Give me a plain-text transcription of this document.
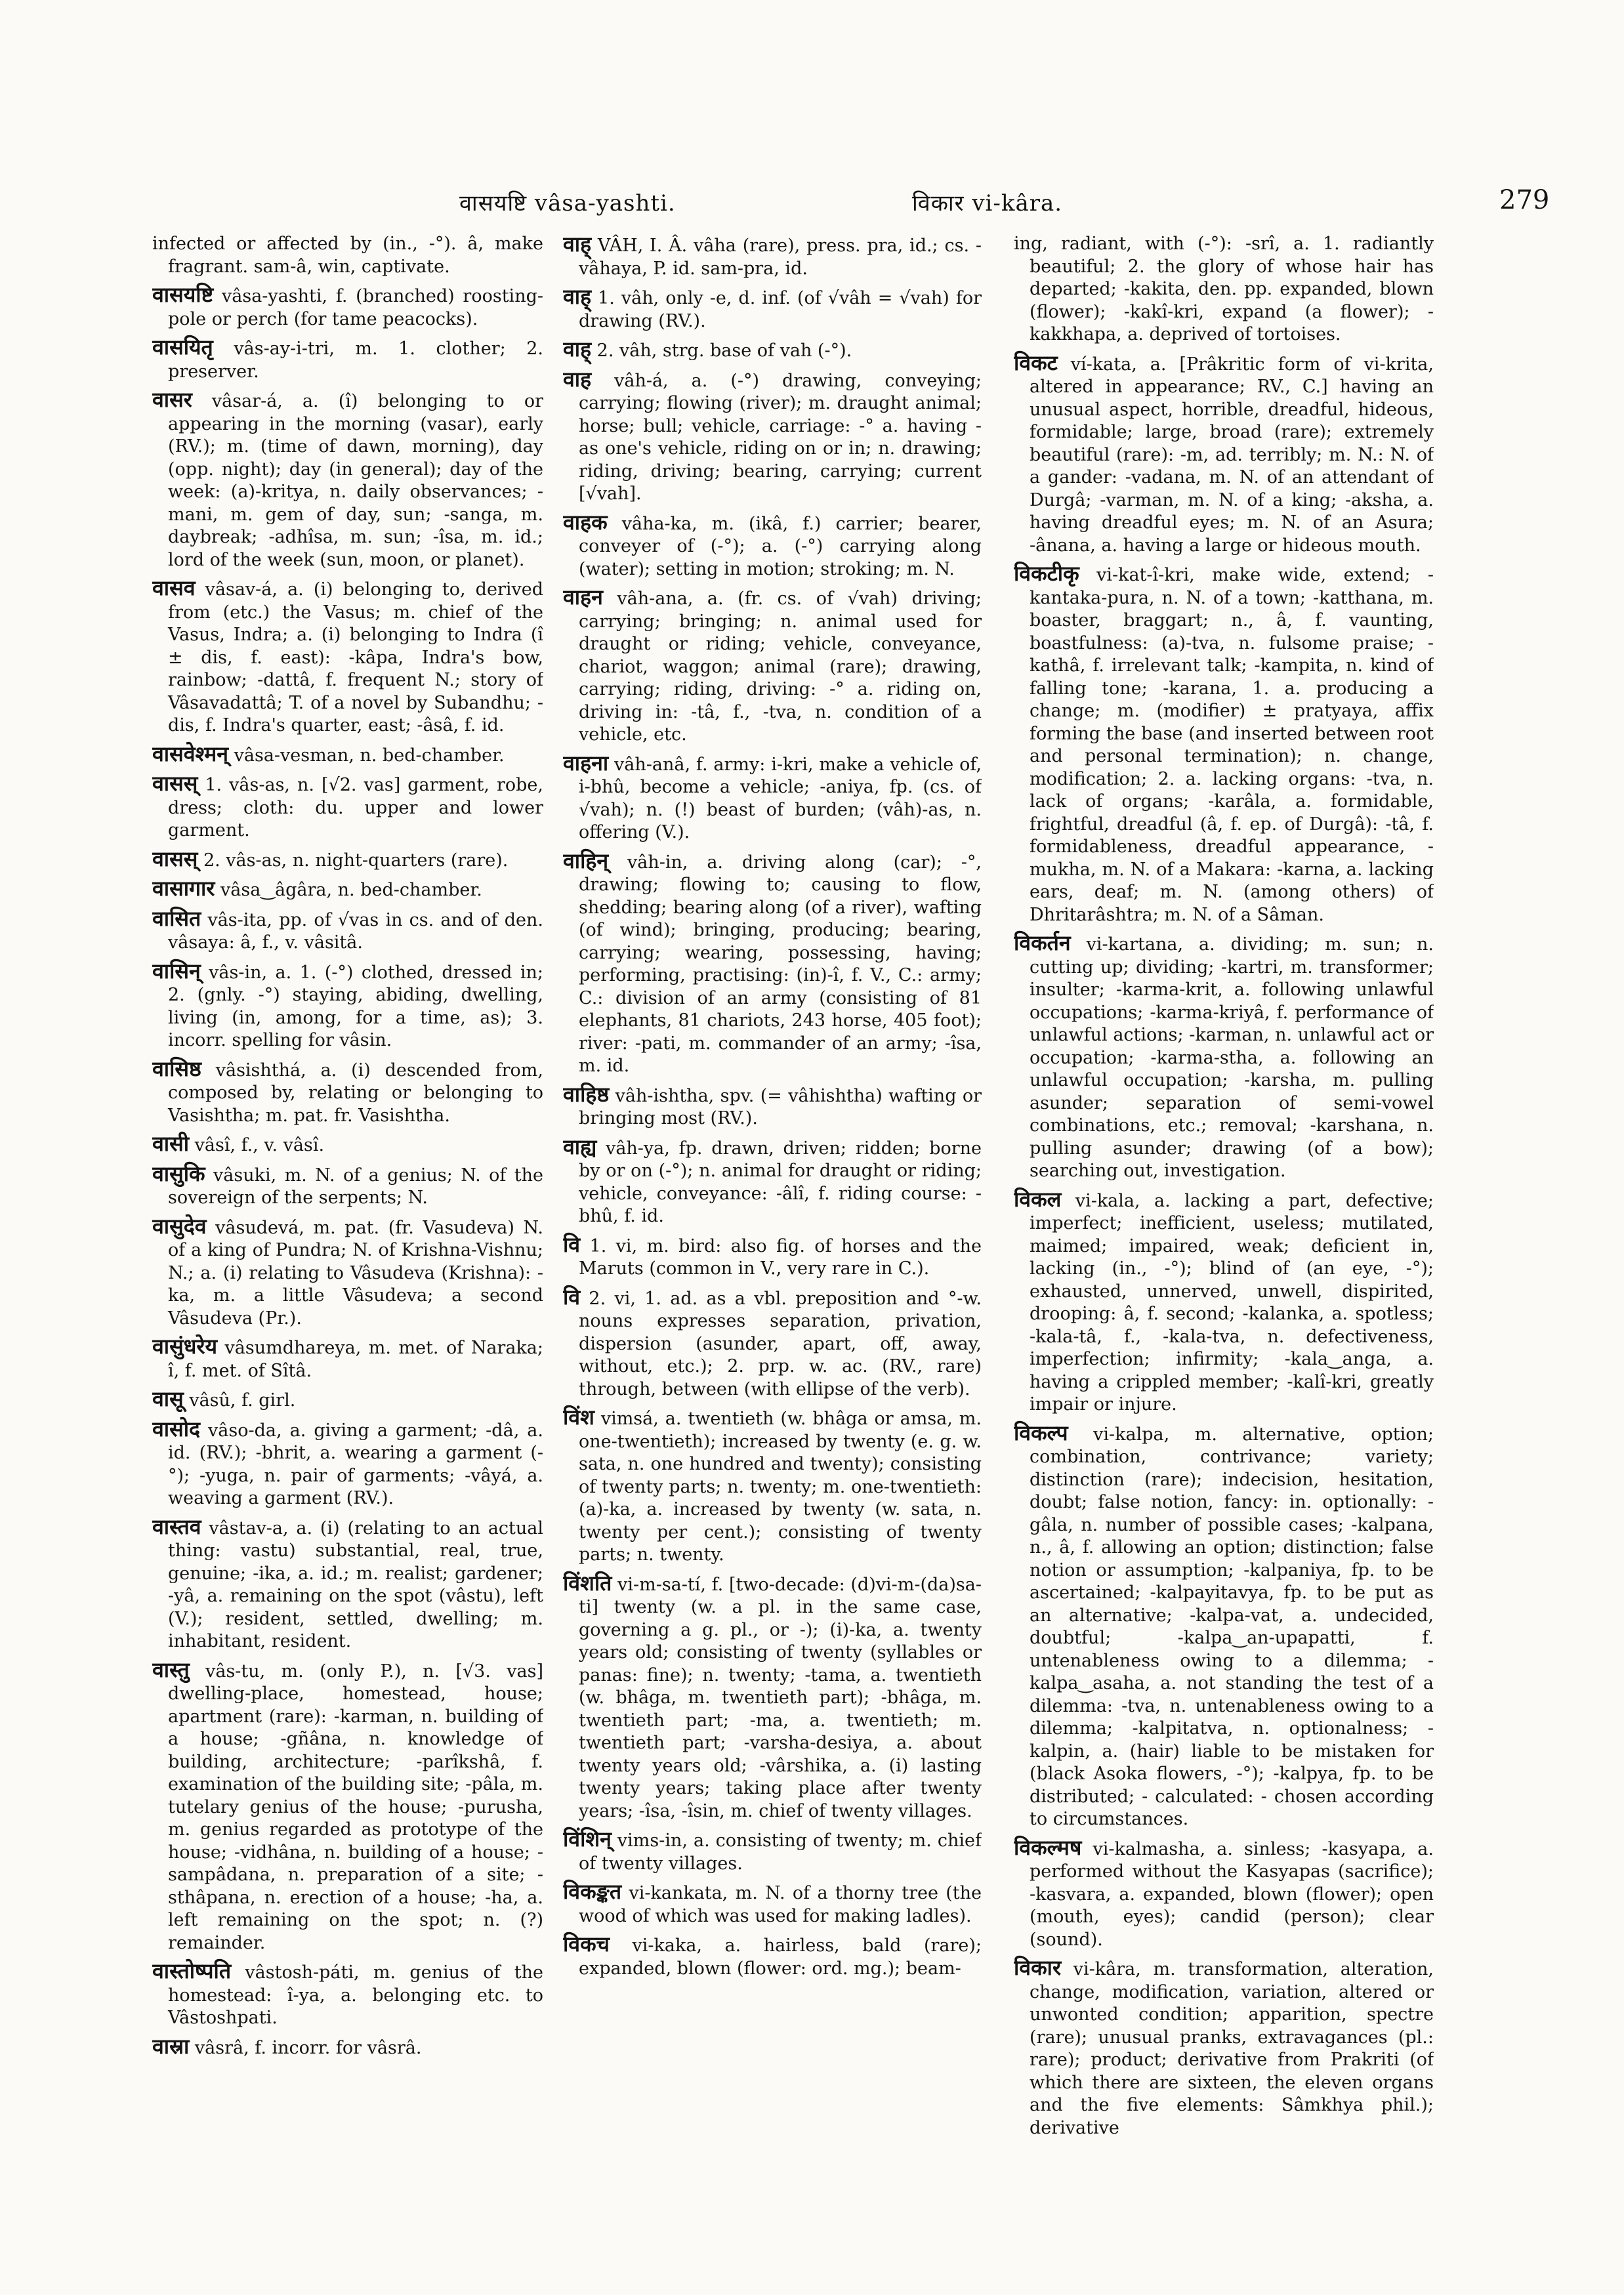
वासयष्टि vâsa-yashti.	विकार vi-kâra.	279
infected or affected by (in., -°). â, make fragrant. sam-â, win, captivate.
वासयष्टि vâsa-yashti, f. (branched) roosting-pole or perch (for tame peacocks).
वासयितृ vâs-ay-i-tri, m. 1. clother; 2. preserver.
वासर vâsar-á, a. (î) belonging to or appearing in the morning (vasar), early (RV.); m. (time of dawn, morning), day (opp. night); day (in general); day of the week: (a)-kritya, n. daily observances; -mani, m. gem of day, sun; -sanga, m. daybreak; -adhîsa, m. sun; -îsa, m. id.; lord of the week (sun, moon, or planet).
वासव vâsav-á, a. (i) belonging to, derived from (etc.) the Vasus; m. chief of the Vasus, Indra; a. (i) belonging to Indra (î ± dis, f. east): -kâpa, Indra's bow, rainbow; -dattâ, f. frequent N.; story of Vâsavadattâ; T. of a novel by Subandhu; -dis, f. Indra's quarter, east; -âsâ, f. id.
वासवेश्मन् vâsa-vesman, n. bed-chamber.
वासस् 1. vâs-as, n. [√2. vas] garment, robe, dress; cloth: du. upper and lower garment.
वासस् 2. vâs-as, n. night-quarters (rare).
वासागार vâsa‿âgâra, n. bed-chamber.
वासित vâs-ita, pp. of √vas in cs. and of den. vâsaya: â, f., v. vâsitâ.
वासिन् vâs-in, a. 1. (-°) clothed, dressed in; 2. (gnly. -°) staying, abiding, dwelling, living (in, among, for a time, as); 3. incorr. spelling for vâsin.
वासिष्ठ vâsishthá, a. (i) descended from, composed by, relating or belonging to Vasishtha; m. pat. fr. Vasishtha.
वासी vâsî, f., v. vâsî.
वासुकि vâsuki, m. N. of a genius; N. of the sovereign of the serpents; N.
वासुदेव vâsudevá, m. pat. (fr. Vasudeva) N. of a king of Pundra; N. of Krishna-Vishnu; N.; a. (i) relating to Vâsudeva (Krishna): -ka, m. a little Vâsudeva; a second Vâsudeva (Pr.).
वासुंधरेय vâsumdhareya, m. met. of Naraka; î, f. met. of Sîtâ.
वासू vâsû, f. girl.
वासोद vâso-da, a. giving a garment; -dâ, a. id. (RV.); -bhrit, a. wearing a garment (-°); -yuga, n. pair of garments; -vâyá, a. weaving a garment (RV.).
वास्तव vâstav-a, a. (i) (relating to an actual thing: vastu) substantial, real, true, genuine; -ika, a. id.; m. realist; gardener; -yâ, a. remaining on the spot (vâstu), left (V.); resident, settled, dwelling; m. inhabitant, resident.
वास्तु vâs-tu, m. (only P.), n. [√3. vas] dwelling-place, homestead, house; apartment (rare): -karman, n. building of a house; -gñâna, n. knowledge of building, architecture; -parîkshâ, f. examination of the building site; -pâla, m. tutelary genius of the house; -purusha, m. genius regarded as prototype of the house; -vidhâna, n. building of a house; -sampâdana, n. preparation of a site; -sthâpana, n. erection of a house; -ha, a. left remaining on the spot; n. (?) remainder.
वास्तोष्पति vâstosh-páti, m. genius of the homestead: î-ya, a. belonging etc. to Vâstoshpati.
वास्रा vâsrâ, f. incorr. for vâsrâ.
वाह् VÂH, I. Â. vâha (rare), press. pra, id.; cs. -vâhaya, P. id. sam-pra, id.
वाह् 1. vâh, only -e, d. inf. (of √vâh = √vah) for drawing (RV.).
वाह् 2. vâh, strg. base of vah (-°).
वाह vâh-á, a. (-°) drawing, conveying; carrying; flowing (river); m. draught animal; horse; bull; vehicle, carriage: -° a. having - as one's vehicle, riding on or in; n. drawing; riding, driving; bearing, carrying; current [√vah].
वाहक vâha-ka, m. (ikâ, f.) carrier; bearer, conveyer of (-°); a. (-°) carrying along (water); setting in motion; stroking; m. N.
वाहन vâh-ana, a. (fr. cs. of √vah) driving; carrying; bringing; n. animal used for draught or riding; vehicle, conveyance, chariot, waggon; animal (rare); drawing, carrying; riding, driving: -° a. riding on, driving in: -tâ, f., -tva, n. condition of a vehicle, etc.
वाहना vâh-anâ, f. army: i-kri, make a vehicle of, i-bhû, become a vehicle; -aniya, fp. (cs. of √vah); n. (!) beast of burden; (vâh)-as, n. offering (V.).
वाहिन् vâh-in, a. driving along (car); -°, drawing; flowing to; causing to flow, shedding; bearing along (of a river), wafting (of wind); bringing, producing; bearing, carrying; wearing, possessing, having; performing, practising: (in)-î, f. V., C.: army; C.: division of an army (consisting of 81 elephants, 81 chariots, 243 horse, 405 foot); river: -pati, m. commander of an army; -îsa, m. id.
वाहिष्ठ vâh-ishtha, spv. (= vâhishtha) wafting or bringing most (RV.).
वाह्य vâh-ya, fp. drawn, driven; ridden; borne by or on (-°); n. animal for draught or riding; vehicle, conveyance: -âlî, f. riding course: -bhû, f. id.
वि 1. vi, m. bird: also fig. of horses and the Maruts (common in V., very rare in C.).
वि 2. vi, 1. ad. as a vbl. preposition and °-w. nouns expresses separation, privation, dispersion (asunder, apart, off, away, without, etc.); 2. prp. w. ac. (RV., rare) through, between (with ellipse of the verb).
विंश vimsá, a. twentieth (w. bhâga or amsa, m. one-twentieth); increased by twenty (e. g. w. sata, n. one hundred and twenty); consisting of twenty parts; n. twenty; m. one-twentieth: (a)-ka, a. increased by twenty (w. sata, n. twenty per cent.); consisting of twenty parts; n. twenty.
विंशति vi-m-sa-tí, f. [two-decade: (d)vi-m-(da)sa-ti] twenty (w. a pl. in the same case, governing a g. pl., or -); (i)-ka, a. twenty years old; consisting of twenty (syllables or panas: fine); n. twenty; -tama, a. twentieth (w. bhâga, m. twentieth part); -bhâga, m. twentieth part; -ma, a. twentieth; m. twentieth part; -varsha-desiya, a. about twenty years old; -vârshika, a. (i) lasting twenty years; taking place after twenty years; -îsa, -îsin, m. chief of twenty villages.
विंशिन् vims-in, a. consisting of twenty; m. chief of twenty villages.
विकङ्कत vi-kankata, m. N. of a thorny tree (the wood of which was used for making ladles).
विकच vi-kaka, a. hairless, bald (rare); expanded, blown (flower: ord. mg.); beam-
ing, radiant, with (-°): -srî, a. 1. radiantly beautiful; 2. the glory of whose hair has departed; -kakita, den. pp. expanded, blown (flower); -kakî-kri, expand (a flower); -kakkhapa, a. deprived of tortoises.
विकट ví-kata, a. [Prâkritic form of vi-krita, altered in appearance; RV., C.] having an unusual aspect, horrible, dreadful, hideous, formidable; large, broad (rare); extremely beautiful (rare): -m, ad. terribly; m. N.: N. of a gander: -vadana, m. N. of an attendant of Durgâ; -varman, m. N. of a king; -aksha, a. having dreadful eyes; m. N. of an Asura; -ânana, a. having a large or hideous mouth.
विकटीकृ vi-kat-î-kri, make wide, extend; -kantaka-pura, n. N. of a town; -katthana, m. boaster, braggart; n., â, f. vaunting, boastfulness: (a)-tva, n. fulsome praise; -kathâ, f. irrelevant talk; -kampita, n. kind of falling tone; -karana, 1. a. producing a change; m. (modifier) ± pratyaya, affix forming the base (and inserted between root and personal termination); n. change, modification; 2. a. lacking organs: -tva, n. lack of organs; -karâla, a. formidable, frightful, dreadful (â, f. ep. of Durgâ): -tâ, f. formidableness, dreadful appearance, -mukha, m. N. of a Makara: -karna, a. lacking ears, deaf; m. N. (among others) of Dhritarâshtra; m. N. of a Sâman.
विकर्तन vi-kartana, a. dividing; m. sun; n. cutting up; dividing; -kartri, m. transformer; insulter; -karma-krit, a. following unlawful occupations; -karma-kriyâ, f. performance of unlawful actions; -karman, n. unlawful act or occupation; -karma-stha, a. following an unlawful occupation; -karsha, m. pulling asunder; separation of semi-vowel combinations, etc.; removal; -karshana, n. pulling asunder; drawing (of a bow); searching out, investigation.
विकल vi-kala, a. lacking a part, defective; imperfect; inefficient, useless; mutilated, maimed; impaired, weak; deficient in, lacking (in., -°); blind of (an eye, -°); exhausted, unnerved, unwell, dispirited, drooping: â, f. second; -kalanka, a. spotless; -kala-tâ, f., -kala-tva, n. defectiveness, imperfection; infirmity; -kala‿anga, a. having a crippled member; -kalî-kri, greatly impair or injure.
विकल्प vi-kalpa, m. alternative, option; combination, contrivance; variety; distinction (rare); indecision, hesitation, doubt; false notion, fancy: in. optionally: -gâla, n. number of possible cases; -kalpana, n., â, f. allowing an option; distinction; false notion or assumption; -kalpaniya, fp. to be ascertained; -kalpayitavya, fp. to be put as an alternative; -kalpa-vat, a. undecided, doubtful; -kalpa‿an-upapatti, f. untenableness owing to a dilemma; -kalpa‿asaha, a. not standing the test of a dilemma: -tva, n. untenableness owing to a dilemma; -kalpitatva, n. optionalness; -kalpin, a. (hair) liable to be mistaken for (black Asoka flowers, -°); -kalpya, fp. to be distributed; - calculated: - chosen according to circumstances.
विकल्मष vi-kalmasha, a. sinless; -kasyapa, a. performed without the Kasyapas (sacrifice); -kasvara, a. expanded, blown (flower); open (mouth, eyes); candid (person); clear (sound).
विकार vi-kâra, m. transformation, alteration, change, modification, variation, altered or unwonted condition; apparition, spectre (rare); unusual pranks, extravagances (pl.: rare); product; derivative from Prakriti (of which there are sixteen, the eleven organs and the five elements: Sâmkhya phil.); derivative
